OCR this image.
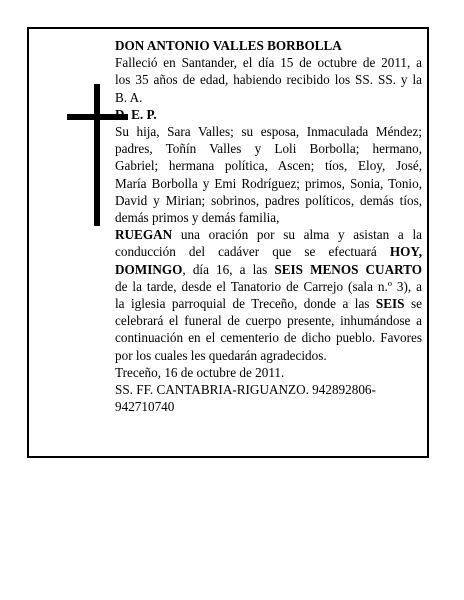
DON ANTONIO VALLES BORBOLLA

Falleció en Santander, el día 15 de octubre de 2011, a
los 35 años de edad, habiendo recibido los SS. SS. y la
B. A.

D. E. P.

Su hija, Sara Valles; su esposa, Inmaculada Méndez;
padres, Toñín Valles y Loli Borbolla; hermano,
Gabriel; hermana política, Ascen; tíos, Eloy, José,
María Borbolla y Emi Rodríguez; primos, Sonia, Tonio,
David y Mirian; sobrinos, padres políticos, demás tíos,
demás primos y demás familia,

RUEGAN una oración por su alma y asistan a la
conducción del cadáver que se efectuará HOY,
DOMINGO, día 16, a las SEIS MENOS CUARTO
de la tarde, desde el Tanatorio de Carrejo (sala n.º 3), a
la iglesia parroquial de Treceño, donde a las SEIS se
celebrará el funeral de cuerpo presente, inhumándose a
continuación en el cementerio de dicho pueblo. Favores
por los cuales les quedarán agradecidos.

Treceño, 16 de octubre de 2011.

SS. FF. CANTABRIA-RIGUANZO. 942892806-
942710740
